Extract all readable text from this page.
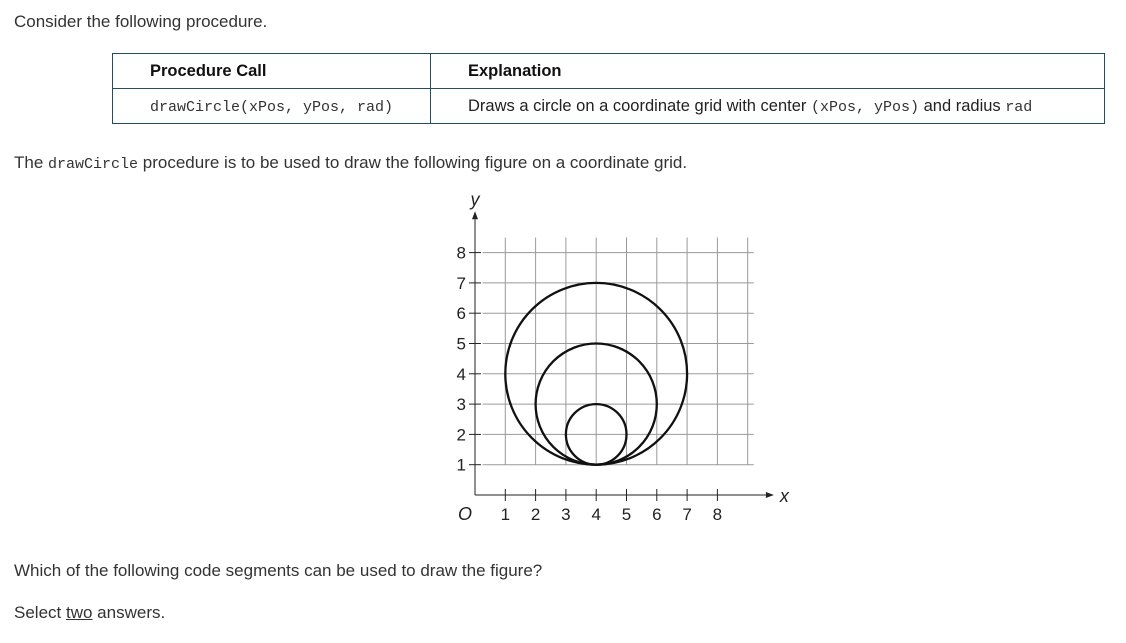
Consider the following procedure.
Procedure Call	Explanation
drawCircle(xPos, yPos, rad)	Draws a circle on a coordinate grid with center (xPos, yPos) and radius rad
The drawCircle procedure is to be used to draw the following figure on a coordinate grid.
1 2 3 4 5 6 7 8
1
2
3
4
5
6
7
8
O
y
x
Which of the following code segments can be used to draw the figure?
Select two answers.
